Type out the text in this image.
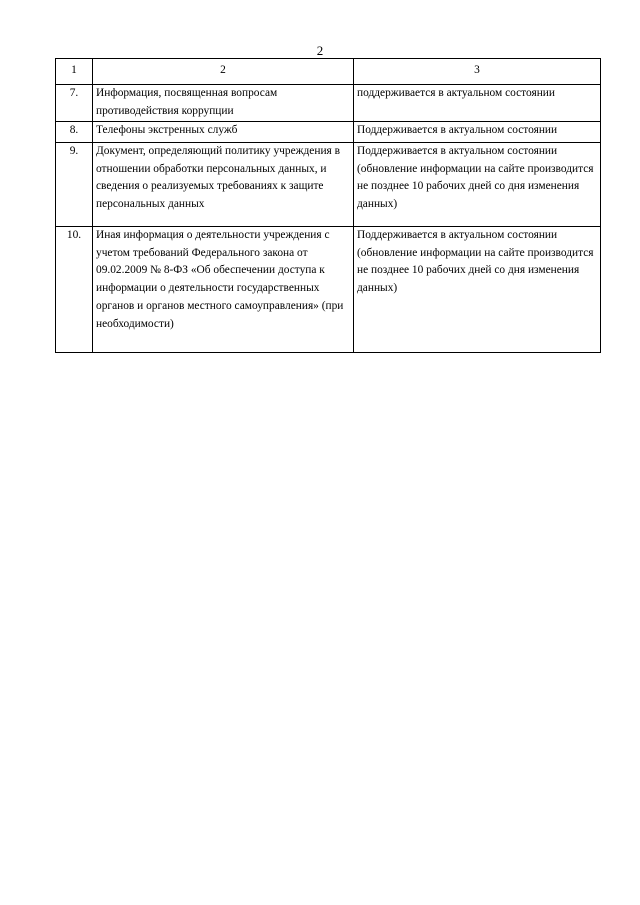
2
1	2	3
7.	Информация, посвященная вопросам противодействия коррупции	поддерживается в актуальном состоянии
8.	Телефоны экстренных служб	Поддерживается в актуальном состоянии
9.	Документ, определяющий политику учреждения в отношении обработки персональных данных, и сведения о реализуемых требованиях к защите персональных данных	Поддерживается в актуальном состоянии (обновление информации на сайте производится не позднее 10 рабочих дней со дня изменения данных)
10.	Иная информация о деятельности учреждения с учетом требований Федерального закона от 09.02.2009 № 8-ФЗ «Об обеспечении доступа к информации о деятельности государственных органов и органов местного самоуправления» (при необходимости)	Поддерживается в актуальном состоянии (обновление информации на сайте производится не позднее 10 рабочих дней со дня изменения данных)
